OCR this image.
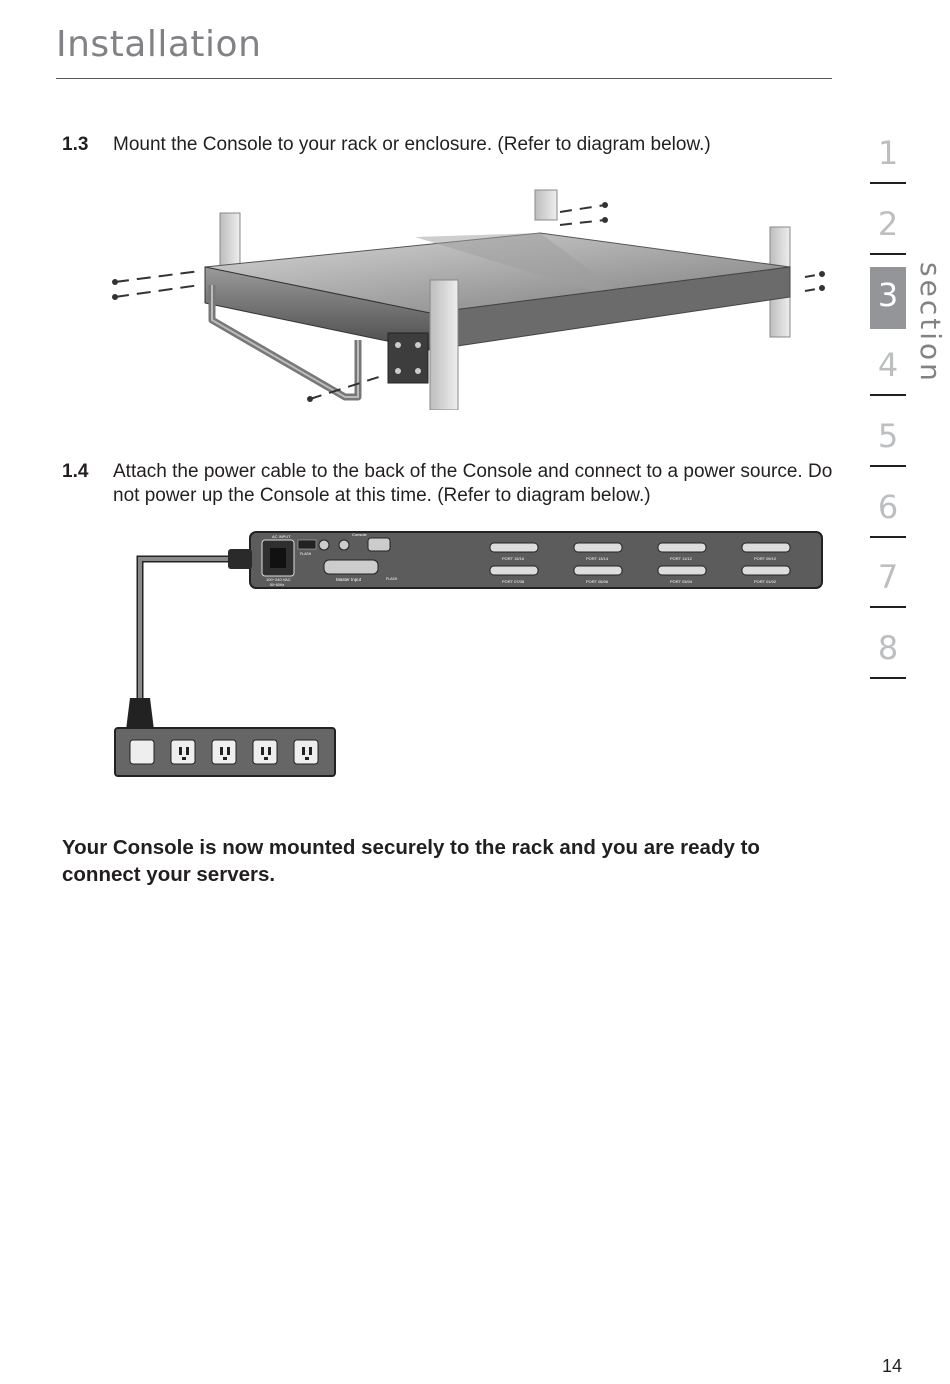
Installation
1.3 Mount the Console to your rack or enclosure. (Refer to diagram below.)
1.4 Attach the power cable to the back of the Console and connect to a power source. Do not power up the Console at this time. (Refer to diagram below.)
AC INPUT
100~240 VAC
50~60Hz
FLASH
Console
Master Input	FLASH
PORT 15/16	PORT 13/14	PORT 11/12	PORT 09/10
PORT 07/08	PORT 05/06	PORT 03/04	PORT 01/02
Your Console is now mounted securely to the rack and you are ready to connect your servers.
1
2
3
4
5
6
7
8
section
14
